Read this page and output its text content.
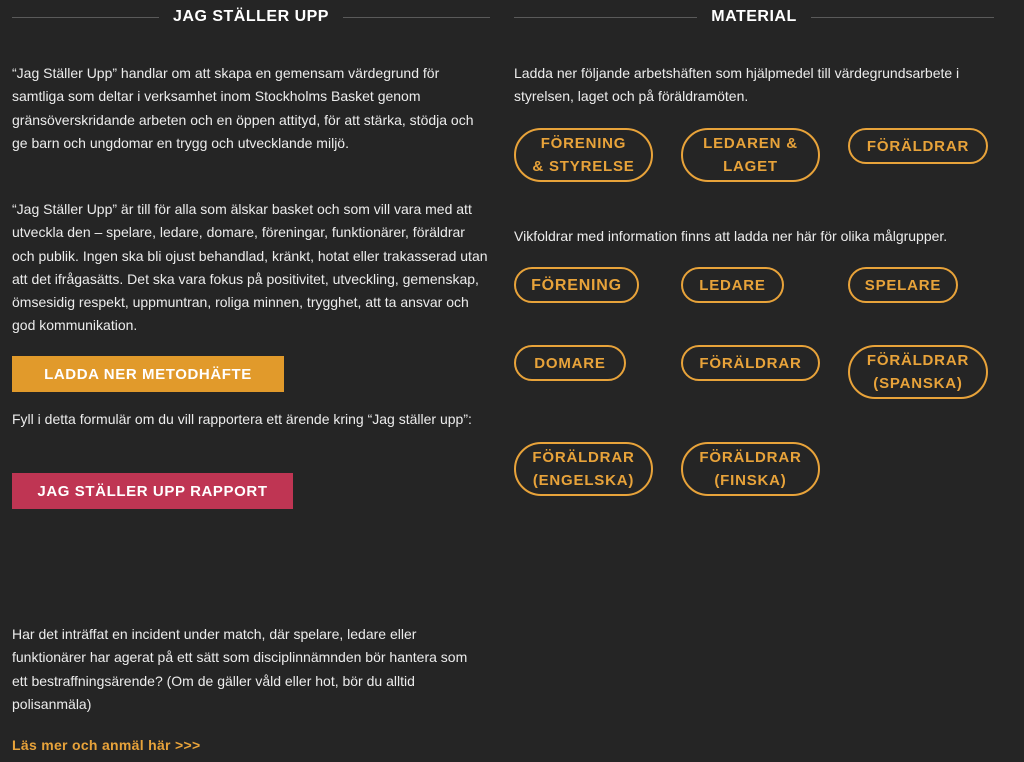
JAG STÄLLER UPP

“Jag Ställer Upp” handlar om att skapa en gemensam värdegrund för samtliga som deltar i verksamhet inom Stockholms Basket genom gränsöverskridande arbeten och en öppen attityd, för att stärka, stödja och ge barn och ungdomar en trygg och utvecklande miljö.

“Jag Ställer Upp” är till för alla som älskar basket och som vill vara med att utveckla den – spelare, ledare, domare, föreningar, funktionärer, föräldrar och publik. Ingen ska bli ojust behandlad, kränkt, hotat eller trakasserad utan att det ifrågasätts. Det ska vara fokus på positivitet, utveckling, gemenskap, ömsesidig respekt, uppmuntran, roliga minnen, trygghet, att ta ansvar och god kommunikation.

LADDA NER METODHÄFTE

Fyll i detta formulär om du vill rapportera ett ärende kring “Jag ställer upp”:

JAG STÄLLER UPP RAPPORT

Har det inträffat en incident under match, där spelare, ledare eller funktionärer har agerat på ett sätt som disciplinnämnden bör hantera som ett bestraffningsärende? (Om de gäller våld eller hot, bör du alltid polisanmäla)

Läs mer och anmäl här >>>
MATERIAL

Ladda ner följande arbetshäften som hjälpmedel till värdegrundsarbete i styrelsen, laget och på föräldramöten.

FÖRENING
& STYRELSE
LEDAREN &
LAGET
FÖRÄLDRAR

Vikfoldrar med information finns att ladda ner här för olika målgrupper.

FÖRENING	LEDARE	SPELARE
DOMARE	FÖRÄLDRAR	FÖRÄLDRAR
(SPANSKA)
FÖRÄLDRAR
(ENGELSKA)
FÖRÄLDRAR
(FINSKA)
